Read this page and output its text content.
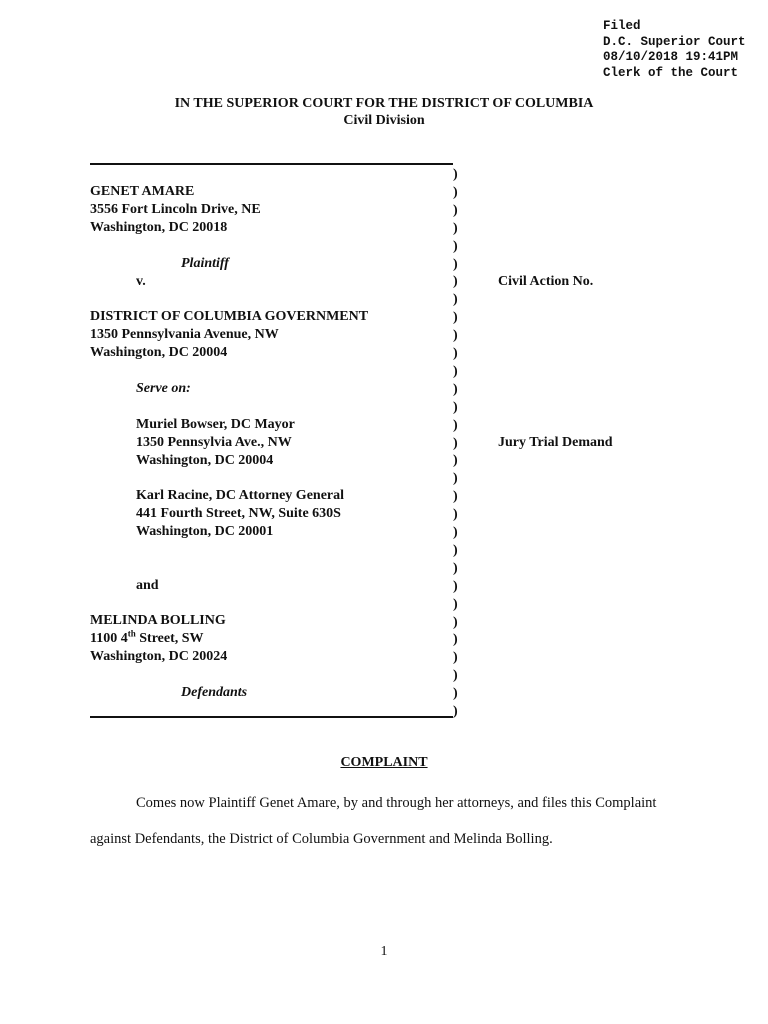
Filed
D.C. Superior Court
08/10/2018 19:41PM
Clerk of the Court
IN THE SUPERIOR COURT FOR THE DISTRICT OF COLUMBIA
Civil Division
GENET AMARE
3556 Fort Lincoln Drive, NE
Washington, DC 20018
Plaintiff
v.
DISTRICT OF COLUMBIA GOVERNMENT
1350 Pennsylvania Avenue, NW
Washington, DC 20004
Serve on:
Muriel Bowser, DC Mayor
1350 Pennsylvia Ave., NW
Washington, DC 20004
Karl Racine, DC Attorney General
441 Fourth Street, NW, Suite 630S
Washington, DC 20001
and
MELINDA BOLLING
1100 4th Street, SW
Washington, DC 20024
Defendants
)
)
)
)
)
)
)
)
)
)
)
)
)
)
)
)
)
)
)
)
)
)
)
)
)
)
)
)
)
)
)
Civil Action No.
Jury Trial Demand
COMPLAINT
Comes now Plaintiff Genet Amare, by and through her attorneys, and files this Complaint
against Defendants, the District of Columbia Government and Melinda Bolling.
1
